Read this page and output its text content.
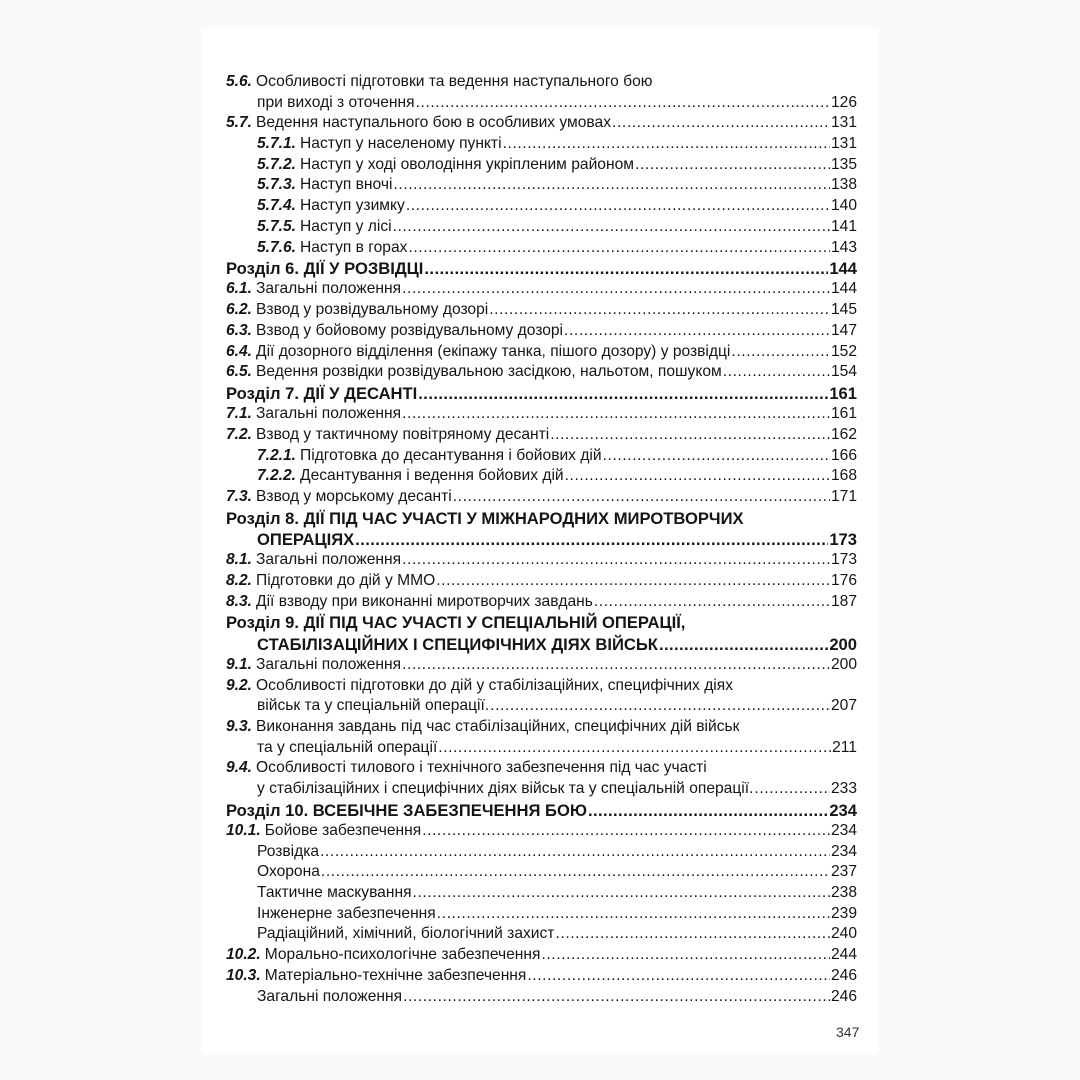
5.6. Особливості підготовки та ведення наступального бою
при виході з оточення .....	126
5.7. Ведення наступального бою в особливих умовах .....	131
5.7.1. Наступ у населеному пункті .....	131
5.7.2. Наступ у ході оволодіння укріпленим районом .....	135
5.7.3. Наступ вночі .....	138
5.7.4. Наступ узимку .....	140
5.7.5. Наступ у лісі .....	141
5.7.6. Наступ в горах .....	143
Розділ 6. ДІЇ У РОЗВІДЦІ .....	144
6.1. Загальні положення .....	144
6.2. Взвод у розвідувальному дозорі .....	145
6.3. Взвод у бойовому розвідувальному дозорі .....	147
6.4. Дії дозорного відділення (екіпажу танка, пішого дозору) у розвідці .....	152
6.5. Ведення розвідки розвідувальною засідкою, нальотом, пошуком .....	154
Розділ 7. ДІЇ У ДЕСАНТІ .....	161
7.1. Загальні положення .....	161
7.2. Взвод у тактичному повітряному десанті .....	162
7.2.1. Підготовка до десантування і бойових дій .....	166
7.2.2. Десантування і ведення бойових дій .....	168
7.3. Взвод у морському десанті .....	171
Розділ 8. ДІЇ ПІД ЧАС УЧАСТІ У МІЖНАРОДНИХ МИРОТВОРЧИХ
ОПЕРАЦІЯХ .....	173
8.1. Загальні положення .....	173
8.2. Підготовки до дій у ММО .....	176
8.3. Дії взводу при виконанні миротворчих завдань .....	187
Розділ 9. ДІЇ ПІД ЧАС УЧАСТІ У СПЕЦІАЛЬНІЙ ОПЕРАЦІЇ,
СТАБІЛІЗАЦІЙНИХ І СПЕЦИФІЧНИХ ДІЯХ ВІЙСЬК .....	200
9.1. Загальні положення .....	200
9.2. Особливості підготовки до дій у стабілізаційних, специфічних діях
військ та у спеціальній операції. .....	207
9.3. Виконання завдань під час стабілізаційних, специфічних дій військ
та у спеціальній операції .....	211
9.4. Особливості тилового і технічного забезпечення під час участі
у стабілізаційних і специфічних діях військ та у спеціальній операції. .....	233
Розділ 10. ВСЕБІЧНЕ ЗАБЕЗПЕЧЕННЯ БОЮ .....	234
10.1. Бойове забезпечення .....	234
Розвідка .....	234
Охорона .....	237
Тактичне маскування .....	238
Інженерне забезпечення .....	239
Радіаційний, хімічний, біологічний захист .....	240
10.2. Морально-психологічне забезпечення .....	244
10.3. Матеріально-технічне забезпечення .....	246
Загальні положення .....	246
347
